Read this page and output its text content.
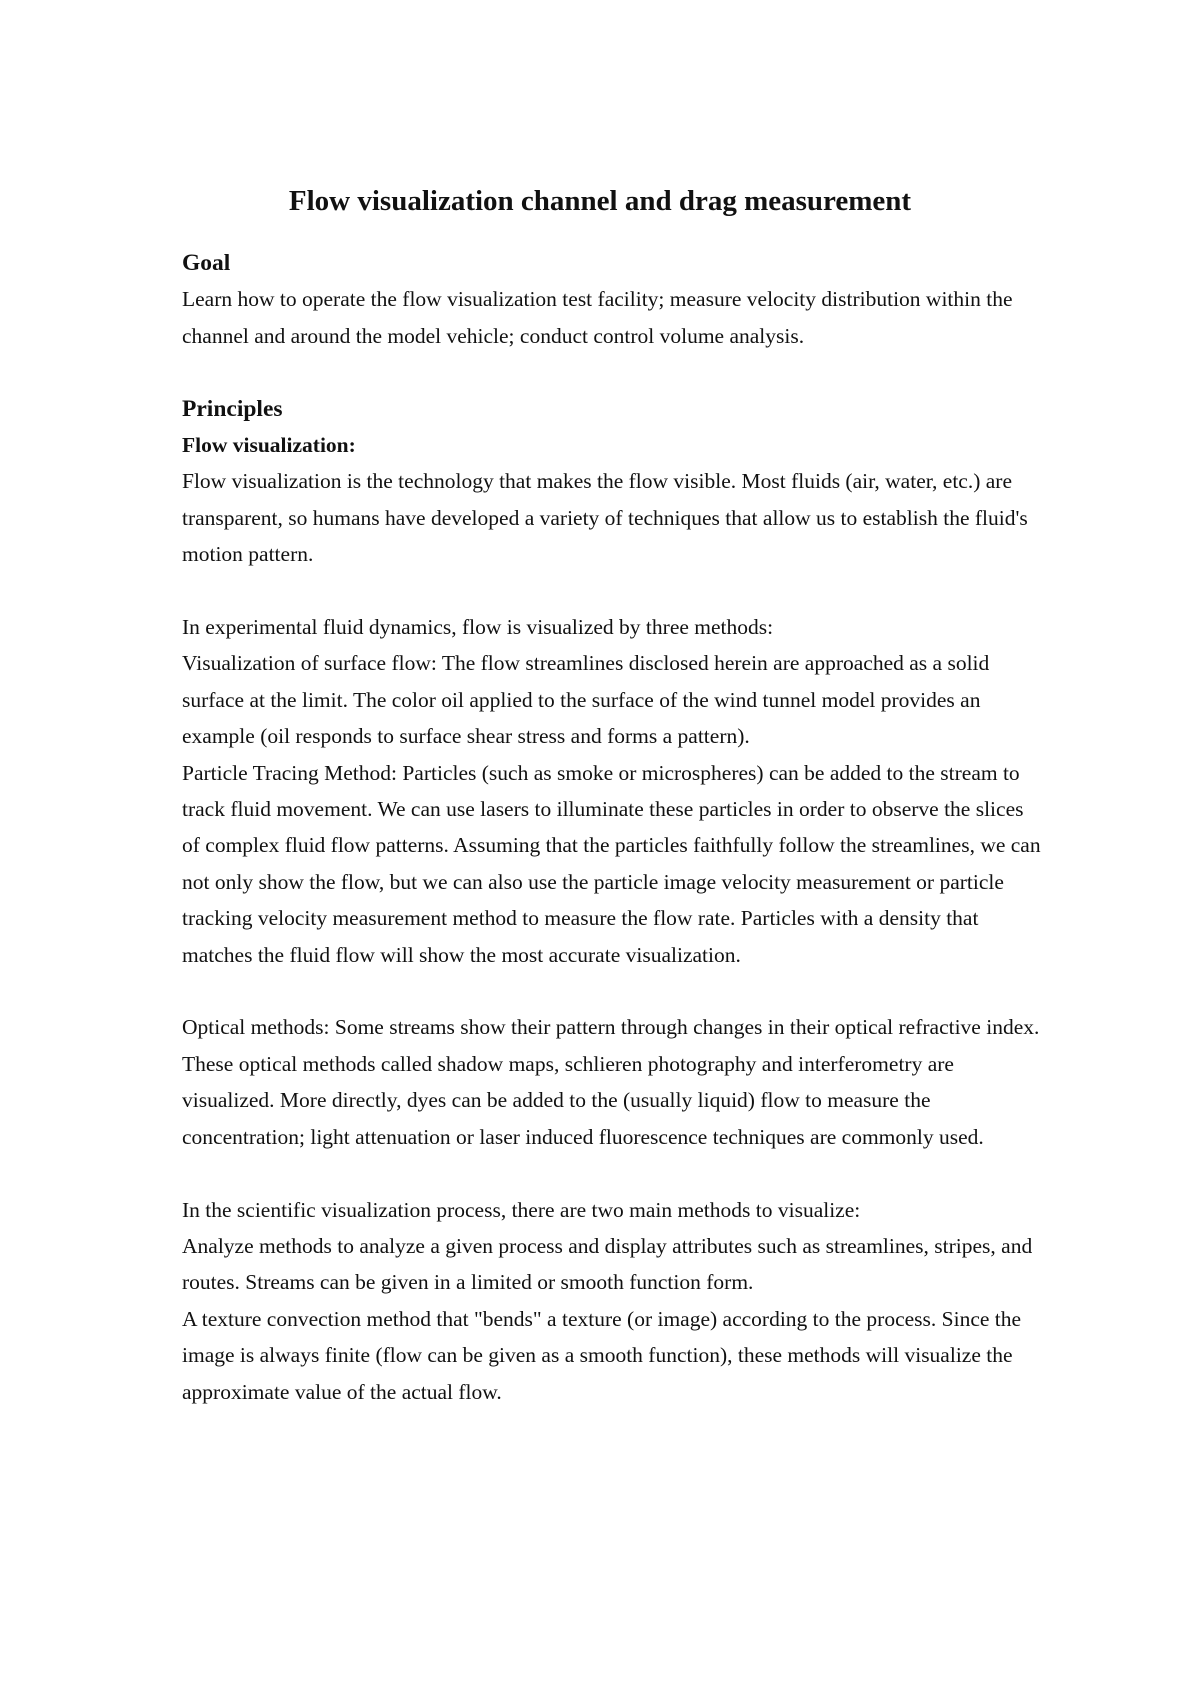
Flow visualization channel and drag measurement
Goal

Learn how to operate the flow visualization test facility; measure velocity distribution within the channel and around the model vehicle; conduct control volume analysis.

Principles
Flow visualization:

Flow visualization is the technology that makes the flow visible. Most fluids (air, water, etc.) are transparent, so humans have developed a variety of techniques that allow us to establish the fluid's motion pattern.

In experimental fluid dynamics, flow is visualized by three methods:

Visualization of surface flow: The flow streamlines disclosed herein are approached as a solid surface at the limit. The color oil applied to the surface of the wind tunnel model provides an example (oil responds to surface shear stress and forms a pattern).

Particle Tracing Method: Particles (such as smoke or microspheres) can be added to the stream to track fluid movement. We can use lasers to illuminate these particles in order to observe the slices of complex fluid flow patterns. Assuming that the particles faithfully follow the streamlines, we can not only show the flow, but we can also use the particle image velocity measurement or particle tracking velocity measurement method to measure the flow rate. Particles with a density that matches the fluid flow will show the most accurate visualization.

Optical methods: Some streams show their pattern through changes in their optical refractive index. These optical methods called shadow maps, schlieren photography and interferometry are visualized. More directly, dyes can be added to the (usually liquid) flow to measure the concentration; light attenuation or laser induced fluorescence techniques are commonly used.

In the scientific visualization process, there are two main methods to visualize:

Analyze methods to analyze a given process and display attributes such as streamlines, stripes, and routes. Streams can be given in a limited or smooth function form.

A texture convection method that "bends" a texture (or image) according to the process. Since the image is always finite (flow can be given as a smooth function), these methods will visualize the approximate value of the actual flow.
